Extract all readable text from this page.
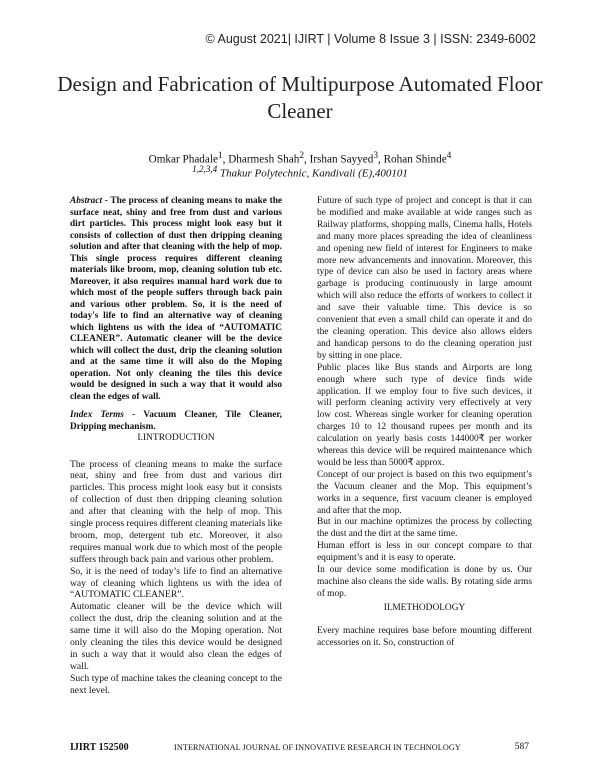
© August 2021| IJIRT | Volume 8 Issue 3 | ISSN: 2349-6002
Design and Fabrication of Multipurpose Automated Floor Cleaner
Omkar Phadale$^1$, Dharmesh Shah$^2$, Irshan Sayyed$^3$, Rohan Shinde$^4$
$^{1,2,3,4}$ Thakur Polytechnic, Kandivali (E),400101

Abstract - The process of cleaning means to make the surface neat, shiny and free from dust and various dirt particles. This process might look easy but it consists of collection of dust then dripping cleaning solution and after that cleaning with the help of mop. This single process requires different cleaning materials like broom, mop, cleaning solution tub etc. Moreover, it also requires manual hard work due to which most of the people suffers through back pain and various other problem. So, it is the need of today's life to find an alternative way of cleaning which lightens us with the idea of “AUTOMATIC CLEANER”. Automatic cleaner will be the device which will collect the dust, drip the cleaning solution and at the same time it will also do the Moping operation. Not only cleaning the tiles this device would be designed in such a way that it would also clean the edges of wall.

Index Terms - Vacuum Cleaner, Tile Cleaner, Dripping mechanism.

I.INTRODUCTION

The process of cleaning means to make the surface neat, shiny and free from dust and various dirt particles. This process might look easy but it consists of collection of dust then dripping cleaning solution and after that cleaning with the help of mop. This single process requires different cleaning materials like broom, mop, detergent tub etc. Moreover, it also requires manual work due to which most of the people suffers through back pain and various other problem.

So, it is the need of today’s life to find an alternative way of cleaning which lightens us with the idea of “AUTOMATIC CLEANER”.

Automatic cleaner will be the device which will collect the dust, drip the cleaning solution and at the same time it will also do the Moping operation. Not only cleaning the tiles this device would be designed in such a way that it would also clean the edges of wall.

Such type of machine takes the cleaning concept to the next level.

Future of such type of project and concept is that it can be modified and make available at wide ranges such as Railway platforms, shopping malls, Cinema halls, Hotels and many more places spreading the idea of cleanliness and opening new field of interest for Engineers to make more new advancements and innovation. Moreover, this type of device can also be used in factory areas where garbage is producing continuously in large amount which will also reduce the efforts of workers to collect it and save their valuable time. This device is so convenient that even a small child can operate it and do the cleaning operation. This device also allows elders and handicap persons to do the cleaning operation just by sitting in one place.

Public places like Bus stands and Airports are long enough where such type of device finds wide application. If we employ four to five such devices, it will perform cleaning activity very effectively at very low cost. Whereas single worker for cleaning operation charges 10 to 12 thousand rupees per month and its calculation on yearly basis costs 144000₹ per worker whereas this device will be required maintenance which would be less than 5000₹ approx.

Concept of our project is based on this two equipment’s the Vacuum cleaner and the Mop. This equipment’s works in a sequence, first vacuum cleaner is employed and after that the mop.

But in our machine optimizes the process by collecting the dust and the dirt at the same time.

Human effort is less in our concept compare to that equipment’s and it is easy to operate.

In our device some modification is done by us. Our machine also cleans the side walls. By rotating side arms of mop.

II.METHODOLOGY

Every machine requires base before mounting different accessories on it. So, construction of

IJIRT 152500	INTERNATIONAL JOURNAL OF INNOVATIVE RESEARCH IN TECHNOLOGY	587
